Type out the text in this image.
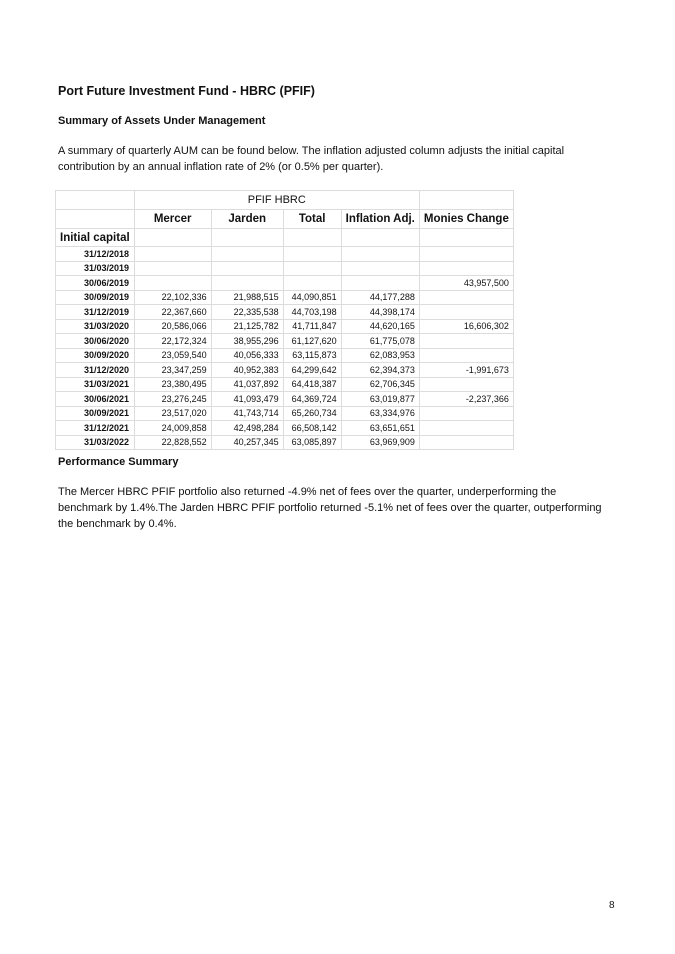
Port Future Investment Fund - HBRC (PFIF)
Summary of Assets Under Management
A summary of quarterly AUM can be found below. The inflation adjusted column adjusts the initial capital contribution by an annual inflation rate of 2% (or 0.5% per quarter).
	PFIF HBRC				
	Mercer	Jarden	Total	Inflation Adj.	Monies Change
Initial capital					
31/12/2018					
31/03/2019					
30/06/2019					43,957,500
30/09/2019	22,102,336	21,988,515	44,090,851	44,177,288	
31/12/2019	22,367,660	22,335,538	44,703,198	44,398,174	
31/03/2020	20,586,066	21,125,782	41,711,847	44,620,165	16,606,302
30/06/2020	22,172,324	38,955,296	61,127,620	61,775,078	
30/09/2020	23,059,540	40,056,333	63,115,873	62,083,953	
31/12/2020	23,347,259	40,952,383	64,299,642	62,394,373	-1,991,673
31/03/2021	23,380,495	41,037,892	64,418,387	62,706,345	
30/06/2021	23,276,245	41,093,479	64,369,724	63,019,877	-2,237,366
30/09/2021	23,517,020	41,743,714	65,260,734	63,334,976	
31/12/2021	24,009,858	42,498,284	66,508,142	63,651,651	
31/03/2022	22,828,552	40,257,345	63,085,897	63,969,909	
Performance Summary
The Mercer HBRC PFIF portfolio also returned -4.9% net of fees over the quarter, underperforming the benchmark by 1.4%.The Jarden HBRC PFIF portfolio returned -5.1% net of fees over the quarter, outperforming the benchmark by 0.4%.
8
